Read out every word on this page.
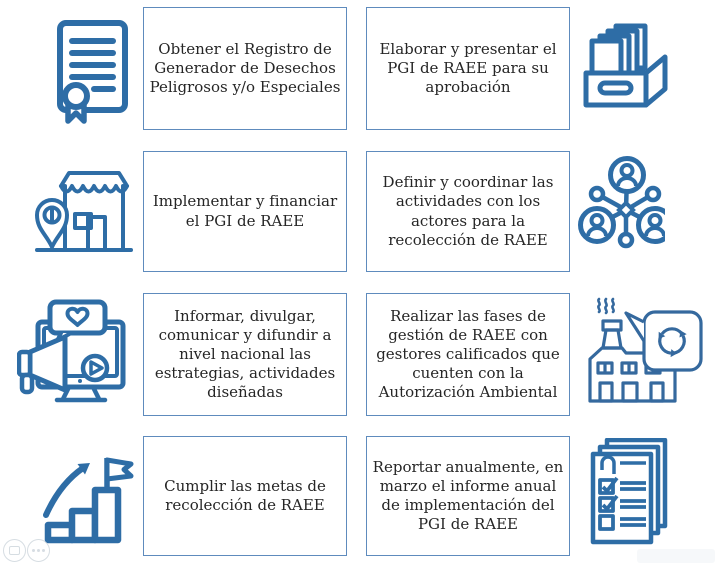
Obtener el Registro de Generador de Desechos Peligrosos y/o Especiales
Elaborar y presentar el PGI de RAEE para su aprobación
Implementar y financiar el PGI de RAEE
Definir y coordinar las actividades con los actores para la recolección de RAEE
Informar, divulgar, comunicar y difundir a nivel nacional las estrategias, actividades diseñadas
Realizar las fases de gestión de RAEE con gestores calificados que cuenten con la Autorización Ambiental
Cumplir las metas de recolección de RAEE
Reportar anualmente, en marzo el informe anual de implementación del PGI de RAEE
